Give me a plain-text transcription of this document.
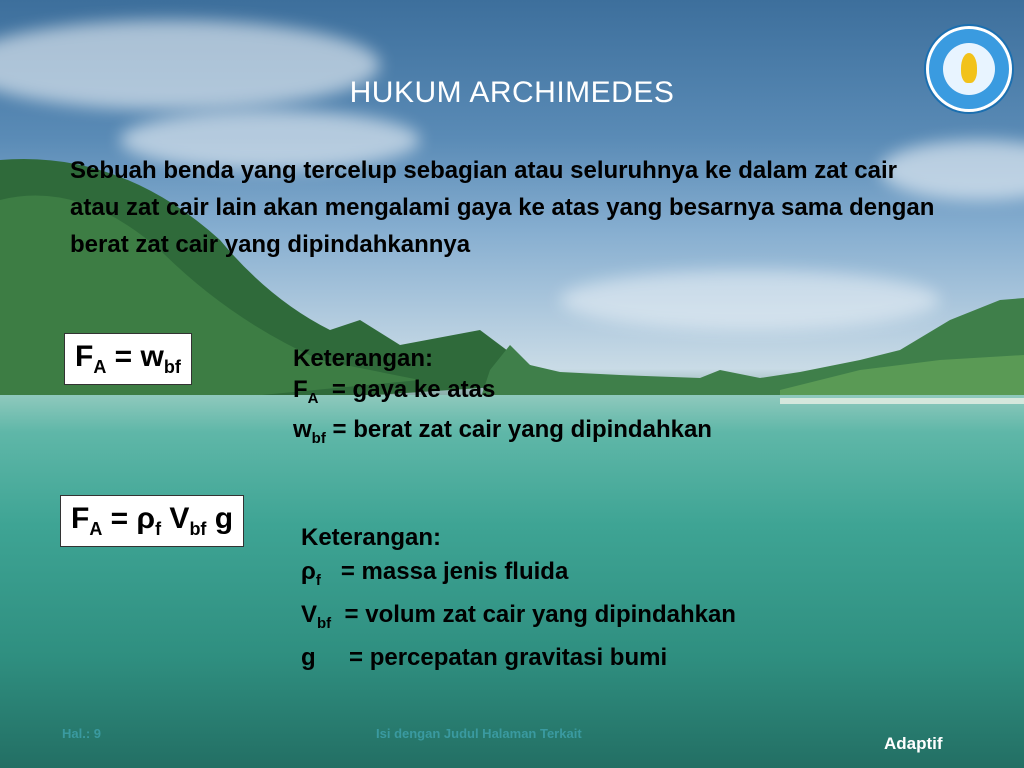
HUKUM ARCHIMEDES
Sebuah benda yang tercelup sebagian atau seluruhnya ke dalam zat cair atau zat cair lain akan mengalami gaya ke atas yang besarnya sama dengan berat zat cair yang dipindahkannya
$F_A = w_{bf}$	Keterangan:
$F_A$ = gaya ke atas
$w_{bf}$ = berat zat cair yang dipindahkan
$F_A = \rho_f$ $V_{bf}$ g
Keterangan:
$\rho_f$ = massa jenis fluida
$V_{bf}$ = volum zat cair yang dipindahkan
g = percepatan gravitasi bumi
Hal.: 9	Isi dengan Judul Halaman Terkait
Adaptif
